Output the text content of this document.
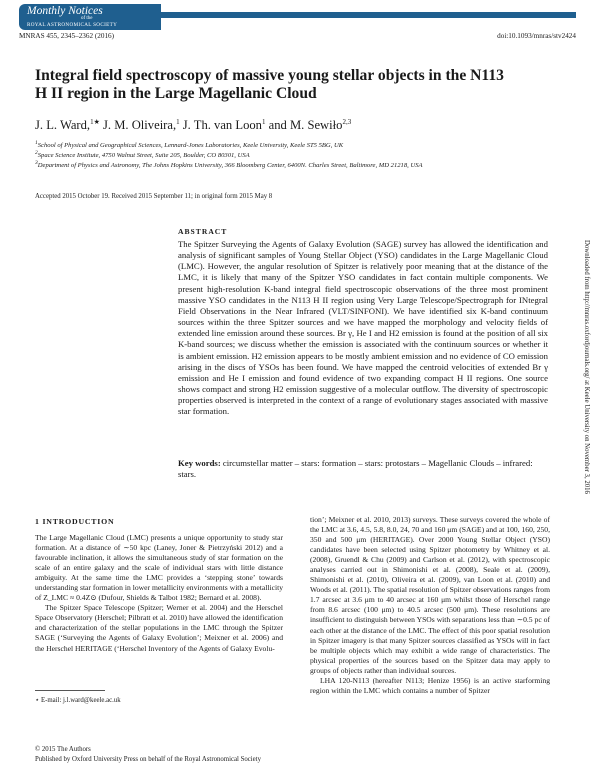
Monthly Notices
of the
ROYAL ASTRONOMICAL SOCIETY
MNRAS 455, 2345–2362 (2016)	doi:10.1093/mnras/stv2424
Integral field spectroscopy of massive young stellar objects in the N113
H II region in the Large Magellanic Cloud
J. L. Ward,$^{1★}$ J. M. Oliveira,$^1$ J. Th. van Loon$^1$ and M. Sewiło$^{2,3}$
$^1$School of Physical and Geographical Sciences, Lennard-Jones Laboratories, Keele University, Keele ST5 5BG, UK
$^2$Space Science Institute, 4750 Walnut Street, Suite 205, Boulder, CO 80301, USA
$^3$Department of Physics and Astronomy, The Johns Hopkins University, 366 Bloomberg Center, 6400N. Charles Street, Baltimore, MD 21218, USA
Accepted 2015 October 19. Received 2015 September 11; in original form 2015 May 8
ABSTRACT

The Spitzer Surveying the Agents of Galaxy Evolution (SAGE) survey has allowed the identification and analysis of significant samples of Young Stellar Object (YSO) candidates in the Large Magellanic Cloud (LMC). However, the angular resolution of Spitzer is relatively poor meaning that at the distance of the LMC, it is likely that many of the Spitzer YSO candidates in fact contain multiple components. We present high-resolution K-band integral field spectroscopic observations of the three most prominent massive YSO candidates in the N113 H II region using Very Large Telescope/Spectrograph for INtegral Field Observations in the Near Infrared (VLT/SINFONI). We have identified six K-band continuum sources within the three Spitzer sources and we have mapped the morphology and velocity fields of extended line emission around these sources. Br γ, He I and H2 emission is found at the position of all six K-band sources; we discuss whether the emission is associated with the continuum sources or whether it is ambient emission. H2 emission appears to be mostly ambient emission and no evidence of CO emission arising in the discs of YSOs has been found. We have mapped the centroid velocities of extended Br γ emission and He I emission and found evidence of two expanding compact H II regions. One source shows compact and strong H2 emission suggestive of a molecular outflow. The diversity of spectroscopic properties observed is interpreted in the context of a range of evolutionary stages associated with massive star formation.

Key words: circumstellar matter – stars: formation – stars: protostars – Magellanic Clouds – infrared: stars.	Downloaded from http://mnras.oxfordjournals.org/ at Keele University on November 3, 2016
1 INTRODUCTION

The Large Magellanic Cloud (LMC) presents a unique opportunity to study star formation. At a distance of ∼50 kpc (Laney, Joner & Pietrzyński 2012) and a favourable inclination, it allows the simultaneous study of star formation on the scale of an entire galaxy and the scale of individual stars with little distance ambiguity. At the same time the LMC provides a ‘stepping stone’ towards understanding star formation in lower metallicity environments with a metallicity of Z_LMC ≈ 0.4Z⊙ (Dufour, Shields & Talbot 1982; Bernard et al. 2008).

The Spitzer Space Telescope (Spitzer; Werner et al. 2004) and the Herschel Space Observatory (Herschel; Pilbratt et al. 2010) have allowed the identification and characterization of the stellar populations in the LMC through the Spitzer SAGE (‘Surveying the Agents of Galaxy Evolution’; Meixner et al. 2006) and the Herschel HERITAGE (‘Herschel Inventory of the Agents of Galaxy Evolu-

tion’; Meixner et al. 2010, 2013) surveys. These surveys covered the whole of the LMC at 3.6, 4.5, 5.8, 8.0, 24, 70 and 160 μm (SAGE) and at 100, 160, 250, 350 and 500 μm (HERITAGE). Over 2000 Young Stellar Object (YSO) candidates have been selected using Spitzer photometry by Whitney et al. (2008), Gruendl & Chu (2009) and Carlson et al. (2012), with spectroscopic analyses carried out in Shimonishi et al. (2008), Seale et al. (2009), Shimonishi et al. (2010), Oliveira et al. (2009), van Loon et al. (2010) and Woods et al. (2011). The spatial resolution of Spitzer observations ranges from 1.7 arcsec at 3.6 μm to 40 arcsec at 160 μm whilst those of Herschel range from 8.6 arcsec (100 μm) to 40.5 arcsec (500 μm). These resolutions are insufficient to distinguish between YSOs with separations less than ∼0.5 pc of each other at the distance of the LMC. The effect of this poor spatial resolution in Spitzer imagery is that many Spitzer sources classified as YSOs will in fact be multiple objects which may exhibit a wide range of characteristics. The physical properties of the sources based on the Spitzer data may apply to groups of objects rather than individual sources.

LHA 120-N113 (hereafter N113; Henize 1956) is an active starforming region within the LMC which contains a number of Spitzer

⋆ E-mail: j.l.ward@keele.ac.uk
© 2015 The Authors
Published by Oxford University Press on behalf of the Royal Astronomical Society
